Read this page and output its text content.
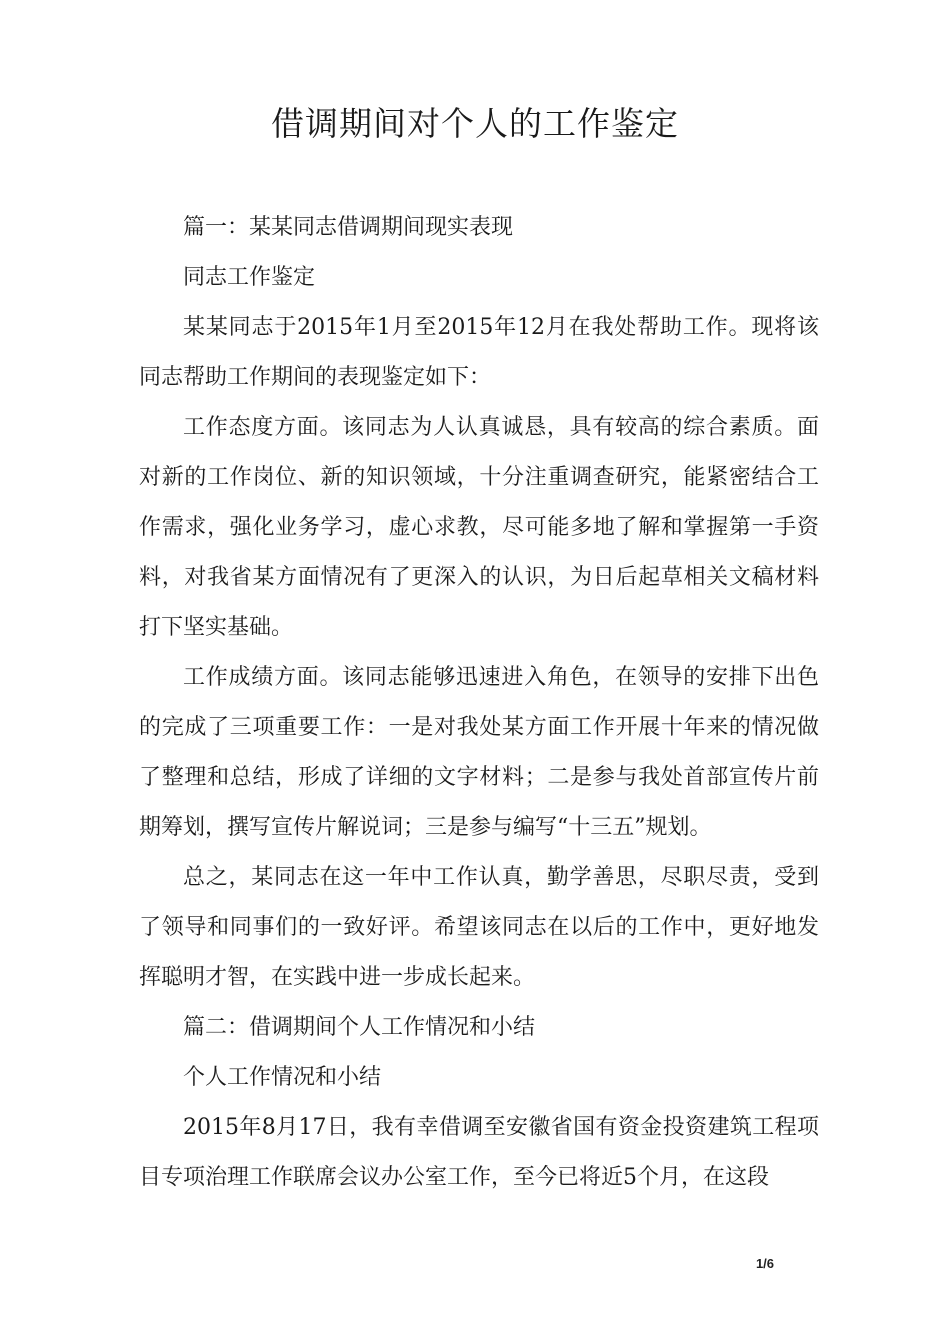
借调期间对个人的工作鉴定

篇一：某某同志借调期间现实表现

同志工作鉴定

某某同志于2015年1月至2015年12月在我处帮助工作。现将该同志帮助工作期间的表现鉴定如下：

工作态度方面。该同志为人认真诚恳，具有较高的综合素质。面对新的工作岗位、新的知识领域，十分注重调查研究，能紧密结合工作需求，强化业务学习，虚心求教，尽可能多地了解和掌握第一手资料，对我省某方面情况有了更深入的认识，为日后起草相关文稿材料打下坚实基础。

工作成绩方面。该同志能够迅速进入角色，在领导的安排下出色的完成了三项重要工作：一是对我处某方面工作开展十年来的情况做了整理和总结，形成了详细的文字材料；二是参与我处首部宣传片前期筹划，撰写宣传片解说词；三是参与编写“十三五”规划。

总之，某同志在这一年中工作认真，勤学善思，尽职尽责，受到了领导和同事们的一致好评。希望该同志在以后的工作中，更好地发挥聪明才智，在实践中进一步成长起来。

篇二：借调期间个人工作情况和小结

个人工作情况和小结

2015年8月17日，我有幸借调至安徽省国有资金投资建筑工程项目专项治理工作联席会议办公室工作，至今已将近5个月，在这段

1/6
